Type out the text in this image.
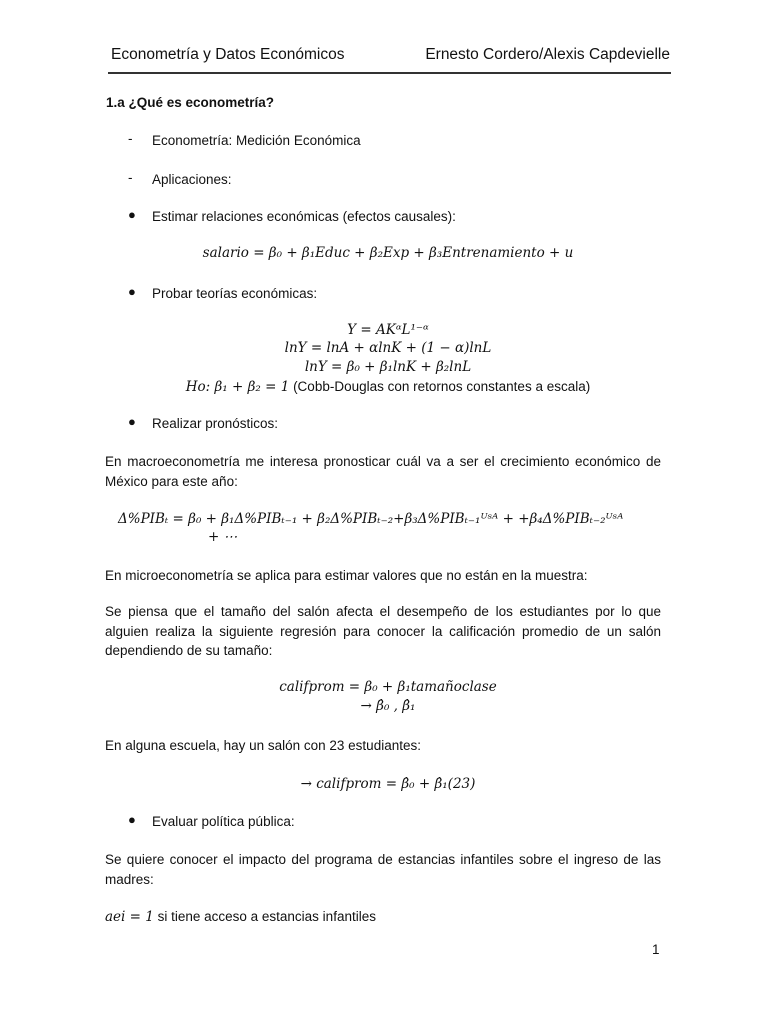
Econometría y Datos Económicos	Ernesto Cordero/Alexis Capdevielle
1.a ¿Qué es econometría?
- Econometría: Medición Económica
- Aplicaciones:
● Estimar relaciones económicas (efectos causales):
salario = β₀ + β₁Educ + β₂Exp + β₃Entrenamiento + u
● Probar teorías económicas:
Y = AKᵅL¹⁻ᵅ
lnY = lnA + αlnK + (1 − α)lnL
lnY = β₀ + β₁lnK + β₂lnL
Ho: β₁ + β₂ = 1 (Cobb-Douglas con retornos constantes a escala)
● Realizar pronósticos:
En macroeconometría me interesa pronosticar cuál va a ser el crecimiento económico de México para este año:
Δ%PIBₜ = β₀ + β₁Δ%PIBₜ₋₁ + β₂Δ%PIBₜ₋₂+β₃Δ%PIBₜ₋₁ᵁˢᴬ + +β₄Δ%PIBₜ₋₂ᵁˢᴬ
+ ⋯
En microeconometría se aplica para estimar valores que no están en la muestra:
Se piensa que el tamaño del salón afecta el desempeño de los estudiantes por lo que alguien realiza la siguiente regresión para conocer la calificación promedio de un salón dependiendo de su tamaño:
califprom = β₀ + β₁tamañoclase
→ β̂₀ , β̂₁
En alguna escuela, hay un salón con 23 estudiantes:
→ califprom = β̂₀ + β̂₁(23)
● Evaluar política pública:
Se quiere conocer el impacto del programa de estancias infantiles sobre el ingreso de las madres:
aei = 1 si tiene acceso a estancias infantiles
1
